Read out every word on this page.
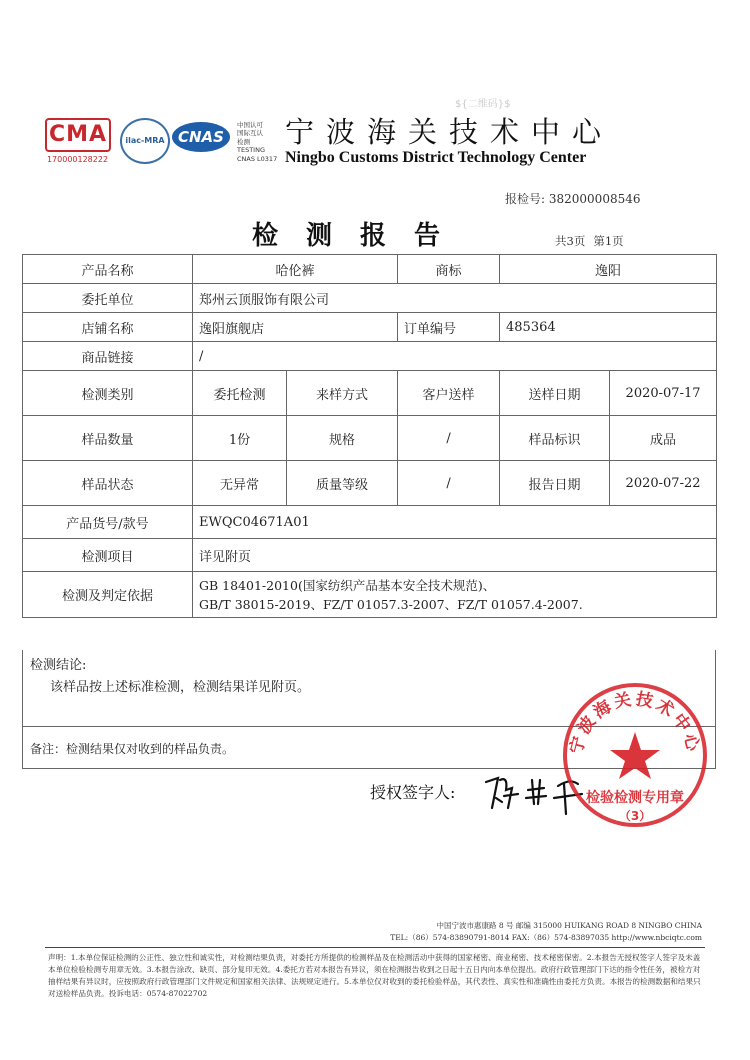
CMA
170000128222
ilac-MRA CNAS
中国认可
国际互认
检测
TESTING
CNAS L0317
${二维码}$
宁波海关技术中心
Ningbo Customs District Technology Center
报检号: 382000008546
检测报告	共3页 第1页
产品名称	哈伦裤		商标	逸阳	
委托单位	郑州云顶服饰有限公司				
店铺名称	逸阳旗舰店		订单编号	485364	
商品链接	/				
检测类别	委托检测	来样方式	客户送样	送样日期	2020-07-17
样品数量	1份	规格	/	样品标识	成品
样品状态	无异常	质量等级	/	报告日期	2020-07-22
产品货号/款号	EWQC04671A01				
检测项目	详见附页				
检测及判定依据	GB 18401-2010(国家纺织产品基本安全技术规范)、
GB/T 38015-2019、FZ/T 01057.3-2007、FZ/T 01057.4-2007.				
检测结论:
该样品按上述标准检测，检测结果详见附页。
备注：检测结果仅对收到的样品负责。
授权签字人:
宁波海关技术中心
检验检测专用章
（3）
中国宁波市惠康路 8 号 邮编 315000 HUIKANG ROAD 8 NINGBO CHINA
TEL:（86）574-83890791-8014 FAX:（86）574-83897035 http://www.nbciqtc.com
声明：1.本单位保证检测的公正性、独立性和诚实性，对检测结果负责，对委托方所提供的检测样品及在检测活动中获得的国家秘密、商业秘密、技术秘密保密。2.本报告无授权签字人签字及未盖本单位检验检测专用章无效。3.本报告涂改、缺页、部分复印无效。4.委托方若对本报告有异议，须在检测报告收到之日起十五日内向本单位提出。政府行政管理部门下达的指令性任务，被检方对抽样结果有异议时，应按照政府行政管理部门文件规定和国家相关法律、法规规定进行。5.本单位仅对收到的委托检验样品，其代表性、真实性和准确性由委托方负责。本报告的检测数据和结果只对送检样品负责。投诉电话：0574-87022702
